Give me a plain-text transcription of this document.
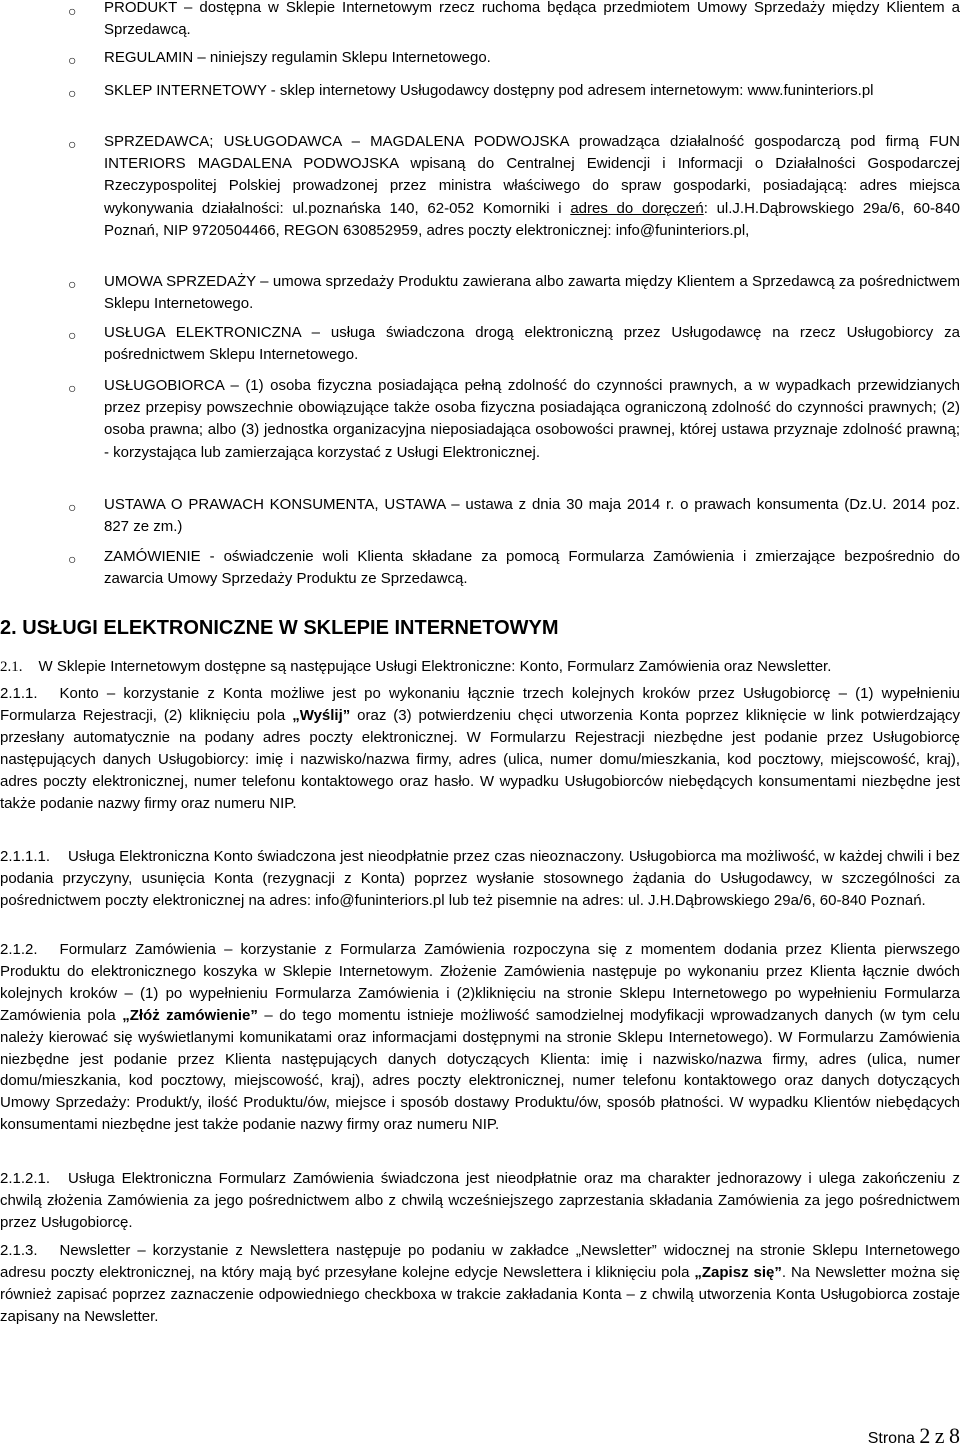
○ PRODUKT – dostępna w Sklepie Internetowym rzecz ruchoma będąca przedmiotem Umowy Sprzedaży między Klientem a Sprzedawcą.
○ REGULAMIN – niniejszy regulamin Sklepu Internetowego.
○ SKLEP INTERNETOWY - sklep internetowy Usługodawcy dostępny pod adresem internetowym: www.funinteriors.pl
○ SPRZEDAWCA; USŁUGODAWCA – MAGDALENA PODWOJSKA prowadząca działalność gospodarczą pod firmą FUN INTERIORS MAGDALENA PODWOJSKA wpisaną do Centralnej Ewidencji i Informacji o Działalności Gospodarczej Rzeczypospolitej Polskiej prowadzonej przez ministra właściwego do spraw gospodarki, posiadającą: adres miejsca wykonywania działalności: ul.poznańska 140, 62-052 Komorniki i adres do doręczeń: ul.J.H.Dąbrowskiego 29a/6, 60-840 Poznań, NIP 9720504466, REGON 630852959, adres poczty elektronicznej: info@funinteriors.pl,
○ UMOWA SPRZEDAŻY – umowa sprzedaży Produktu zawierana albo zawarta między Klientem a Sprzedawcą za pośrednictwem Sklepu Internetowego.
○ USŁUGA ELEKTRONICZNA – usługa świadczona drogą elektroniczną przez Usługodawcę na rzecz Usługobiorcy za pośrednictwem Sklepu Internetowego.
○ USŁUGOBIORCA – (1) osoba fizyczna posiadająca pełną zdolność do czynności prawnych, a w wypadkach przewidzianych przez przepisy powszechnie obowiązujące także osoba fizyczna posiadająca ograniczoną zdolność do czynności prawnych; (2) osoba prawna; albo (3) jednostka organizacyjna nieposiadająca osobowości prawnej, której ustawa przyznaje zdolność prawną; - korzystająca lub zamierzająca korzystać z Usługi Elektronicznej.
○ USTAWA O PRAWACH KONSUMENTA, USTAWA – ustawa z dnia 30 maja 2014 r. o prawach konsumenta (Dz.U. 2014 poz. 827 ze zm.)
○ ZAMÓWIENIE - oświadczenie woli Klienta składane za pomocą Formularza Zamówienia i zmierzające bezpośrednio do zawarcia Umowy Sprzedaży Produktu ze Sprzedawcą.
2. USŁUGI ELEKTRONICZNE W SKLEPIE INTERNETOWYM
2.1. W Sklepie Internetowym dostępne są następujące Usługi Elektroniczne: Konto, Formularz Zamówienia oraz Newsletter.
2.1.1. Konto – korzystanie z Konta możliwe jest po wykonaniu łącznie trzech kolejnych kroków przez Usługobiorcę – (1) wypełnieniu Formularza Rejestracji, (2) kliknięciu pola „Wyślij” oraz (3) potwierdzeniu chęci utworzenia Konta poprzez kliknięcie w link potwierdzający przesłany automatycznie na podany adres poczty elektronicznej. W Formularzu Rejestracji niezbędne jest podanie przez Usługobiorcę następujących danych Usługobiorcy: imię i nazwisko/nazwa firmy, adres (ulica, numer domu/mieszkania, kod pocztowy, miejscowość, kraj), adres poczty elektronicznej, numer telefonu kontaktowego oraz hasło. W wypadku Usługobiorców niebędących konsumentami niezbędne jest także podanie nazwy firmy oraz numeru NIP.
2.1.1.1. Usługa Elektroniczna Konto świadczona jest nieodpłatnie przez czas nieoznaczony. Usługobiorca ma możliwość, w każdej chwili i bez podania przyczyny, usunięcia Konta (rezygnacji z Konta) poprzez wysłanie stosownego żądania do Usługodawcy, w szczególności za pośrednictwem poczty elektronicznej na adres: info@funinteriors.pl lub też pisemnie na adres: ul. J.H.Dąbrowskiego 29a/6, 60-840 Poznań.
2.1.2. Formularz Zamówienia – korzystanie z Formularza Zamówienia rozpoczyna się z momentem dodania przez Klienta pierwszego Produktu do elektronicznego koszyka w Sklepie Internetowym. Złożenie Zamówienia następuje po wykonaniu przez Klienta łącznie dwóch kolejnych kroków – (1) po wypełnieniu Formularza Zamówienia i (2)kliknięciu na stronie Sklepu Internetowego po wypełnieniu Formularza Zamówienia pola „Złóż zamówienie” – do tego momentu istnieje możliwość samodzielnej modyfikacji wprowadzanych danych (w tym celu należy kierować się wyświetlanymi komunikatami oraz informacjami dostępnymi na stronie Sklepu Internetowego). W Formularzu Zamówienia niezbędne jest podanie przez Klienta następujących danych dotyczących Klienta: imię i nazwisko/nazwa firmy, adres (ulica, numer domu/mieszkania, kod pocztowy, miejscowość, kraj), adres poczty elektronicznej, numer telefonu kontaktowego oraz danych dotyczących Umowy Sprzedaży: Produkt/y, ilość Produktu/ów, miejsce i sposób dostawy Produktu/ów, sposób płatności. W wypadku Klientów niebędących konsumentami niezbędne jest także podanie nazwy firmy oraz numeru NIP.
2.1.2.1. Usługa Elektroniczna Formularz Zamówienia świadczona jest nieodpłatnie oraz ma charakter jednorazowy i ulega zakończeniu z chwilą złożenia Zamówienia za jego pośrednictwem albo z chwilą wcześniejszego zaprzestania składania Zamówienia za jego pośrednictwem przez Usługobiorcę.
2.1.3. Newsletter – korzystanie z Newslettera następuje po podaniu w zakładce „Newsletter” widocznej na stronie Sklepu Internetowego adresu poczty elektronicznej, na który mają być przesyłane kolejne edycje Newslettera i kliknięciu pola „Zapisz się”. Na Newsletter można się również zapisać poprzez zaznaczenie odpowiedniego checkboxa w trakcie zakładania Konta – z chwilą utworzenia Konta Usługobiorca zostaje zapisany na Newsletter.
Strona 2 z 8
